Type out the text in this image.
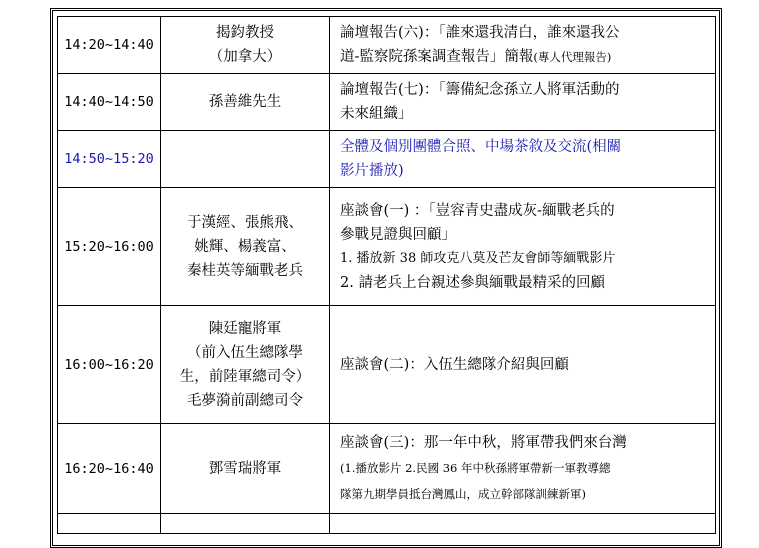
14:20~14:40	揭鈞教授
（加拿大）	論壇報告(六)：「誰來還我清白，誰來還我公
道-監察院孫案調查報告」簡報(專人代理報告)

14:40~14:50	孫善維先生	論壇報告(七)：「籌備紀念孫立人將軍活動的
未來組織」

14:50~15:20		全體及個別團體合照、中場茶敘及交流(相關
影片播放)

15:20~16:00	于漢經、張熊飛、
姚輝、楊義富、
秦桂英等緬戰老兵	座談會(一) ：「豈容青史盡成灰-緬戰老兵的
參戰見證與回顧」
1. 播放新 38 師攻克八莫及芒友會師等緬戰影片
2. 請老兵上台親述參與緬戰最精采的回顧

16:00~16:20	陳廷寵將軍
（前入伍生總隊學
生，前陸軍總司令）
毛夢漪前副總司令	座談會(二)：入伍生總隊介紹與回顧

16:20~16:40	鄧雪瑞將軍	座談會(三)：那一年中秋，將軍帶我們來台灣
(1.播放影片 2.民國 36 年中秋孫將軍帶新一軍教導總
隊第九期學員抵台灣鳳山，成立幹部隊訓練新軍)
